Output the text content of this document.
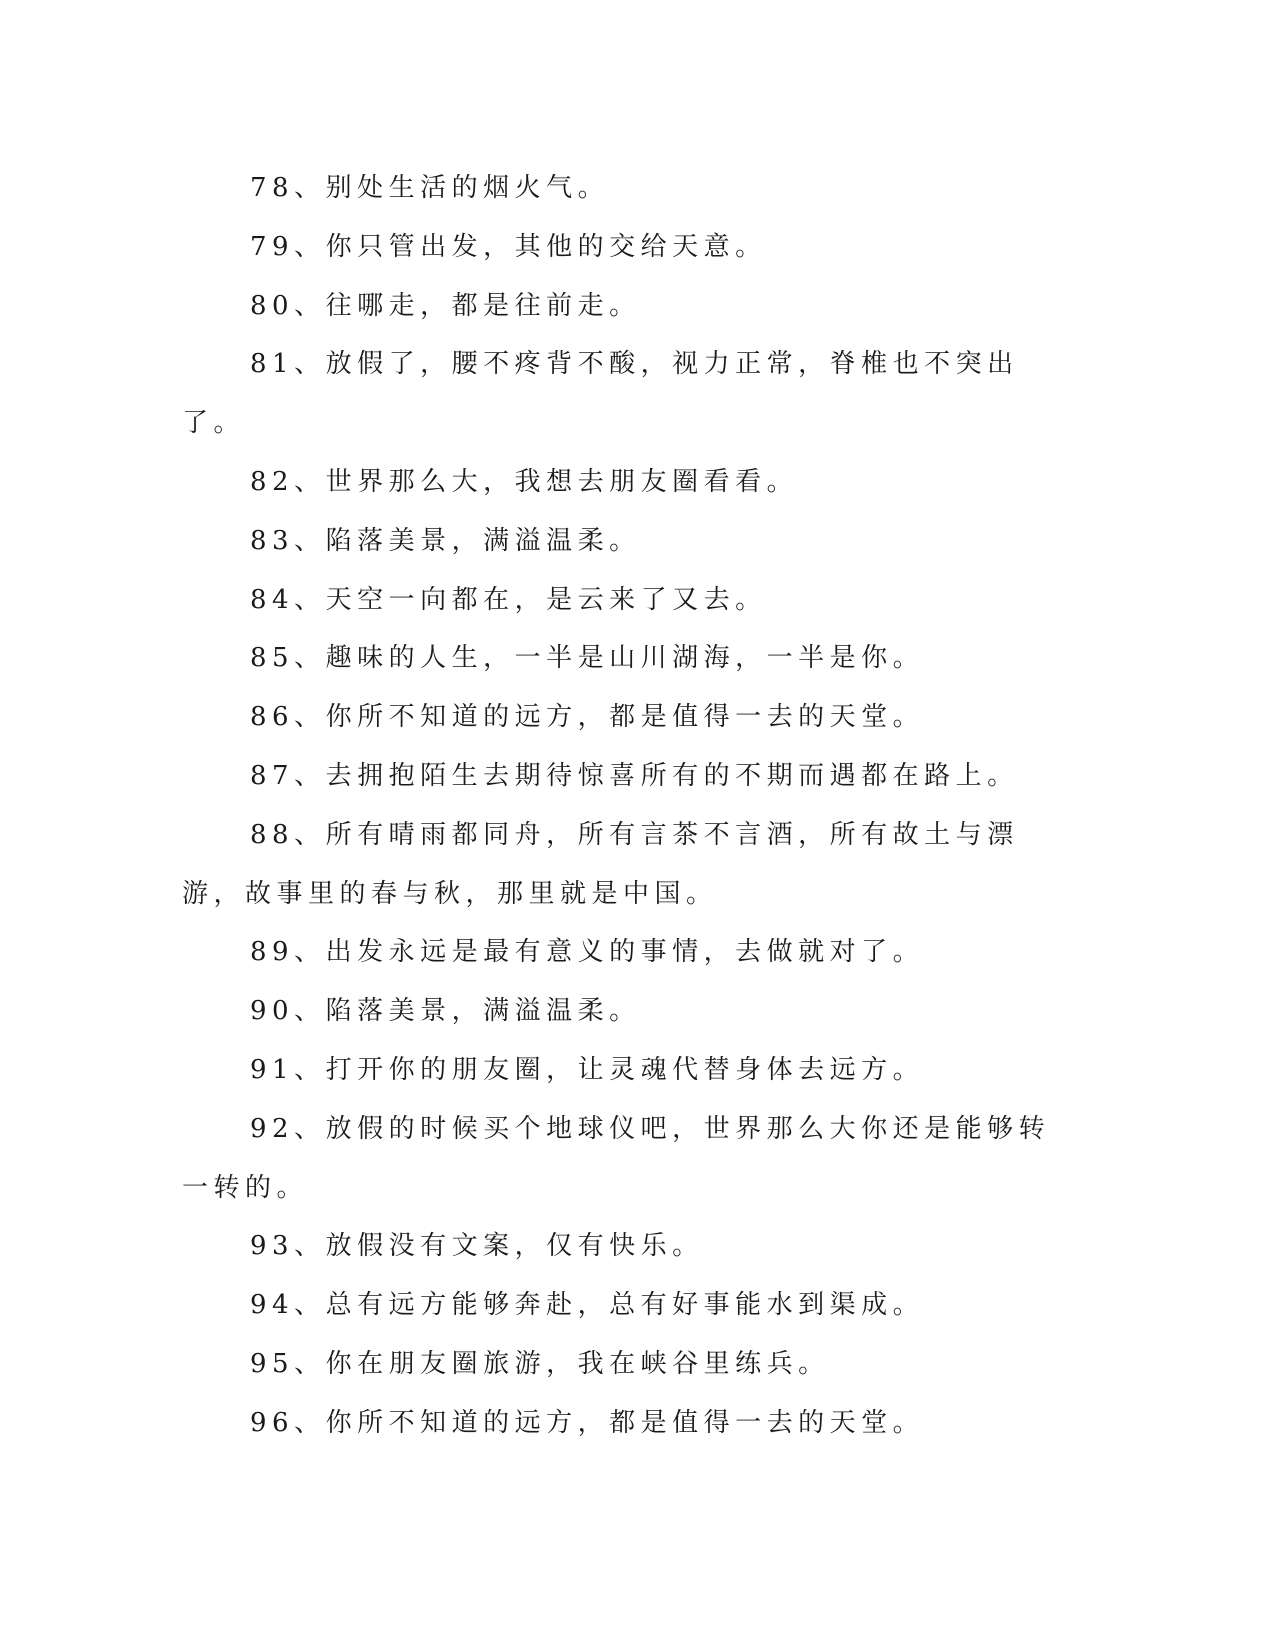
78、别处生活的烟火气。

79、你只管出发，其他的交给天意。

80、往哪走，都是往前走。

81、放假了，腰不疼背不酸，视力正常，脊椎也不突出了。

82、世界那么大，我想去朋友圈看看。

83、陷落美景，满溢温柔。

84、天空一向都在，是云来了又去。

85、趣味的人生，一半是山川湖海，一半是你。

86、你所不知道的远方，都是值得一去的天堂。

87、去拥抱陌生去期待惊喜所有的不期而遇都在路上。

88、所有晴雨都同舟，所有言茶不言酒，所有故土与漂游，故事里的春与秋，那里就是中国。

89、出发永远是最有意义的事情，去做就对了。

90、陷落美景，满溢温柔。

91、打开你的朋友圈，让灵魂代替身体去远方。

92、放假的时候买个地球仪吧，世界那么大你还是能够转一转的。

93、放假没有文案，仅有快乐。

94、总有远方能够奔赴，总有好事能水到渠成。

95、你在朋友圈旅游，我在峡谷里练兵。

96、你所不知道的远方，都是值得一去的天堂。
